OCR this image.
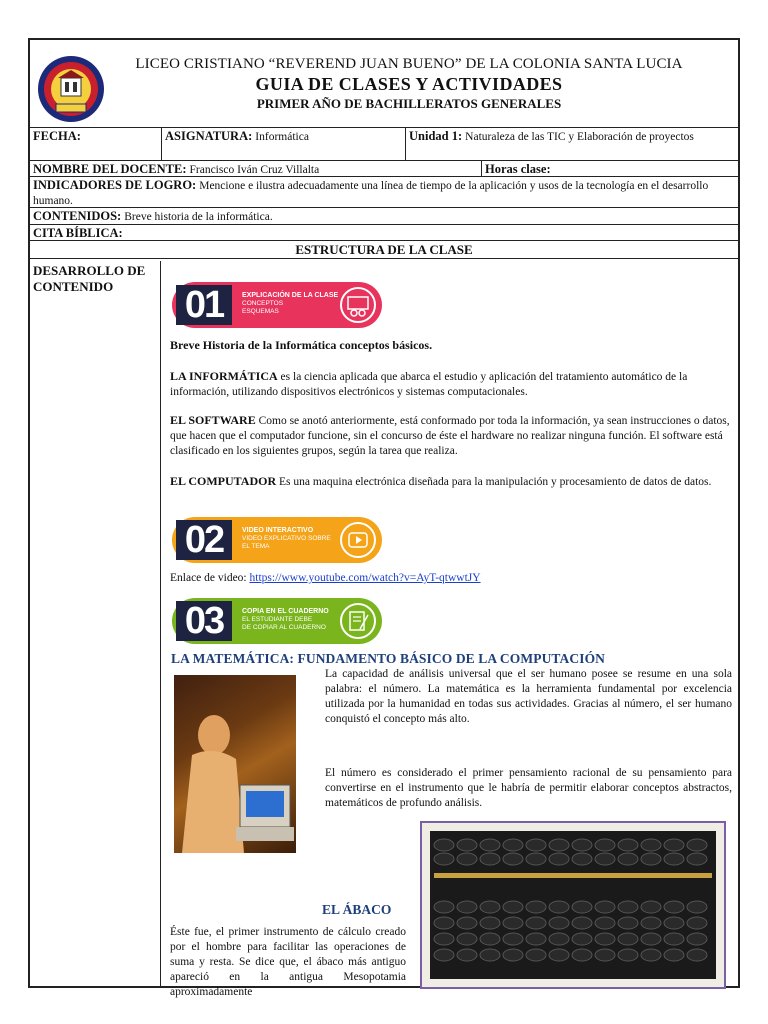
LICEO CRISTIANO “REVEREND JUAN BUENO” DE LA COLONIA SANTA LUCIA
GUIA DE CLASES Y ACTIVIDADES
PRIMER AÑO DE BACHILLERATOS GENERALES
FECHA:	ASIGNATURA: Informática	Unidad 1: Naturaleza de las TIC y Elaboración de proyectos
NOMBRE DEL DOCENTE: Francisco Iván Cruz Villalta	Horas clase:
INDICADORES DE LOGRO: Mencione e ilustra adecuadamente una línea de tiempo de la aplicación y usos de la tecnología en el desarrollo humano.
CONTENIDOS: Breve historia de la informática.
CITA BÍBLICA:
ESTRUCTURA DE LA CLASE
DESARROLLO DE CONTENIDO	01	EXPLICACIÓN DE LA CLASE
CONCEPTOS
ESQUEMAS
Breve Historia de la Informática conceptos básicos.
LA INFORMÁTICA es la ciencia aplicada que abarca el estudio y aplicación del tratamiento automático de la información, utilizando dispositivos electrónicos y sistemas computacionales.
EL SOFTWARE Como se anotó anteriormente, está conformado por toda la información, ya sean instrucciones o datos, que hacen que el computador funcione, sin el concurso de éste el hardware no realizar ninguna función. El software está clasificado en los siguientes grupos, según la tarea que realiza.
EL COMPUTADOR Es una maquina electrónica diseñada para la manipulación y procesamiento de datos de datos.
02	VIDEO INTERACTIVO
VIDEO EXPLICATIVO SOBRE
EL TEMA
Enlace de video: https://www.youtube.com/watch?v=AyT-qtwwtJY
03	COPIA EN EL CUADERNO
EL ESTUDIANTE DEBE
DE COPIAR AL CUADERNO
LA MATEMÁTICA: FUNDAMENTO BÁSICO DE LA COMPUTACIÓN
La capacidad de análisis universal que el ser humano posee se resume en una sola palabra: el número. La matemática es la herramienta fundamental por excelencia utilizada por la humanidad en todas sus actividades. Gracias al número, el ser humano conquistó el concepto más alto.
El número es considerado el primer pensamiento racional de su pensamiento para convertirse en el instrumento que le habría de permitir elaborar conceptos abstractos, matemáticos de profundo análisis.
EL ÁBACO
Éste fue, el primer instrumento de cálculo creado por el hombre para facilitar las operaciones de suma y resta. Se dice que, el ábaco más antiguo apareció en la antigua Mesopotamia aproximadamente
